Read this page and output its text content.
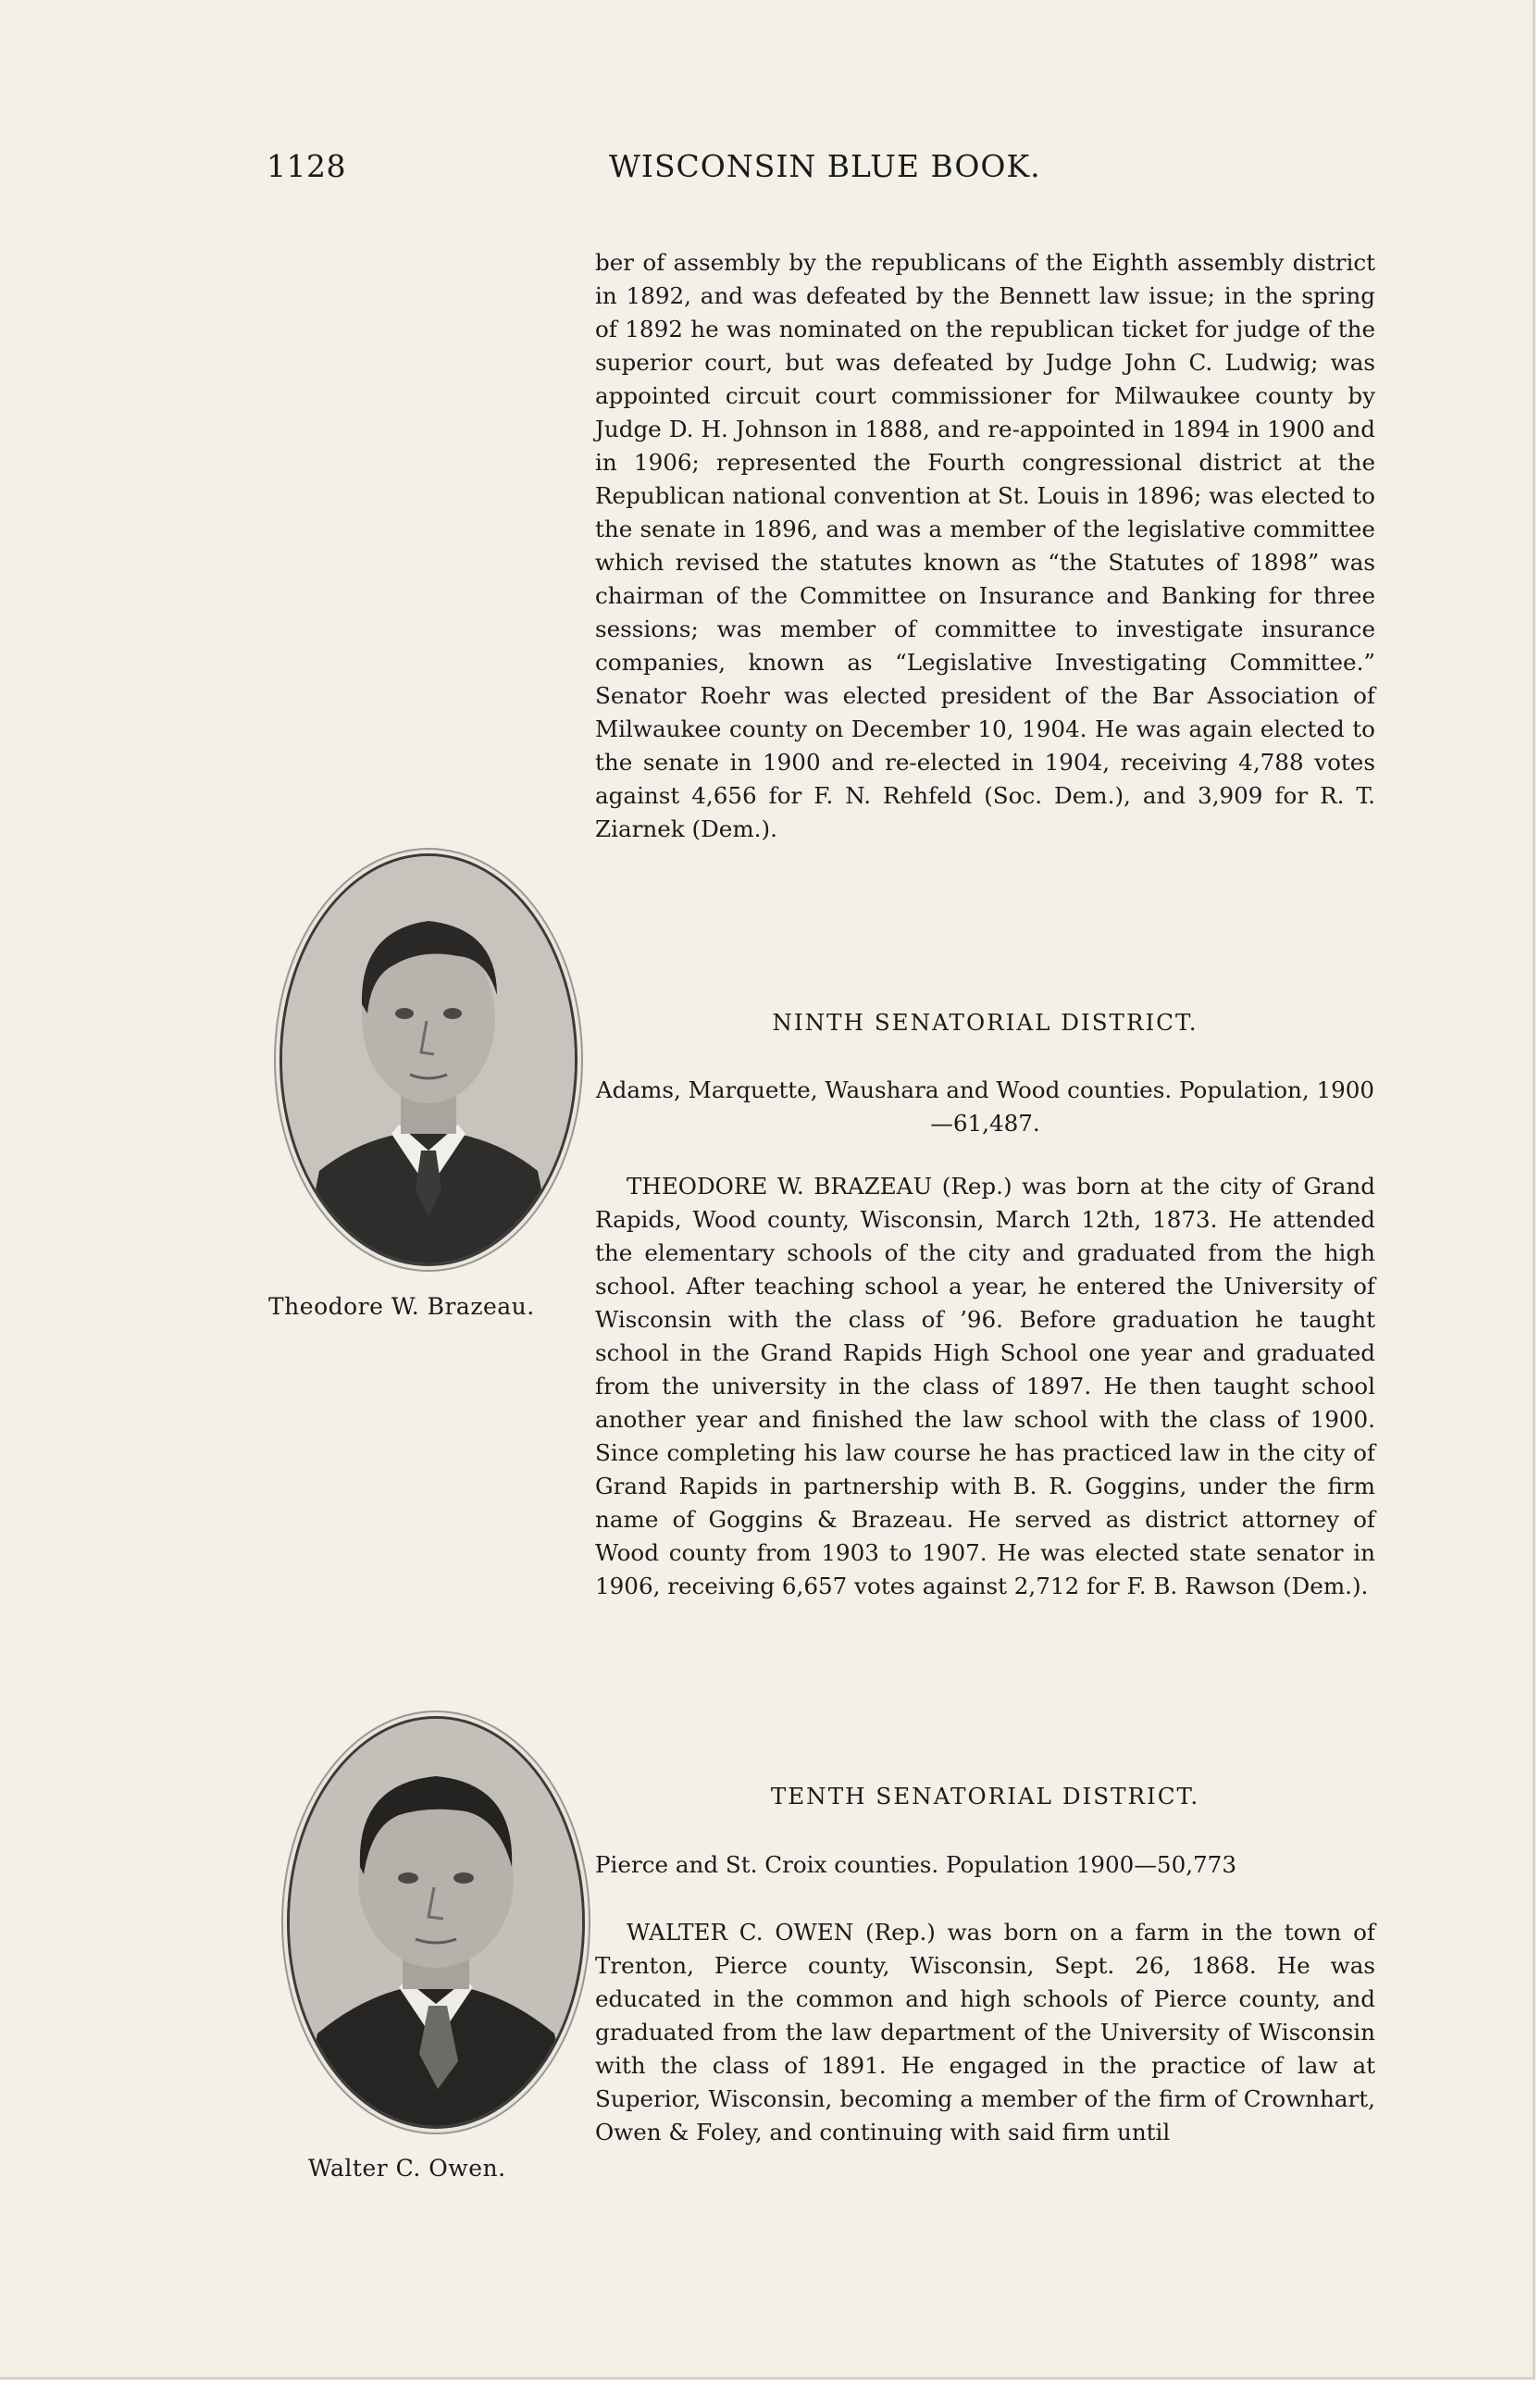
1128	WISCONSIN BLUE BOOK.

ber of assembly by the republicans of the Eighth assembly district in 1892, and was defeated by the Bennett law issue; in the spring of 1892 he was nominated on the republican ticket for judge of the superior court, but was defeated by Judge John C. Ludwig; was appointed circuit court commissioner for Milwaukee county by Judge D. H. Johnson in 1888, and re-appointed in 1894 in 1900 and in 1906; represented the Fourth congressional district at the Republican national convention at St. Louis in 1896; was elected to the senate in 1896, and was a member of the legislative committee which revised the statutes known as “the Statutes of 1898” was chairman of the Committee on Insurance and Banking for three sessions; was member of committee to investigate insurance companies, known as “Legislative Investigating Committee.” Senator Roehr was elected president of the Bar Association of Milwaukee county on December 10, 1904. He was again elected to the senate in 1900 and re-elected in 1904, receiving 4,788 votes against 4,656 for F. N. Rehfeld (Soc. Dem.), and 3,909 for R. T. Ziarnek (Dem.).

Theodore W. Brazeau.
NINTH SENATORIAL DISTRICT.

Adams, Marquette, Waushara and Wood counties. Population, 1900—61,487.

THEODORE W. BRAZEAU (Rep.) was born at the city of Grand Rapids, Wood county, Wisconsin, March 12th, 1873. He attended the elementary schools of the city and graduated from the high school. After teaching school a year, he entered the University of Wisconsin with the class of ’96. Before graduation he taught school in the Grand Rapids High School one year and graduated from the university in the class of 1897. He then taught school another year and finished the law school with the class of 1900. Since completing his law course he has practiced law in the city of Grand Rapids in partnership with B. R. Goggins, under the firm name of Goggins & Brazeau. He served as district attorney of Wood county from 1903 to 1907. He was elected state senator in 1906, receiving 6,657 votes against 2,712 for F. B. Rawson (Dem.).

Walter C. Owen.
TENTH SENATORIAL DISTRICT.

Pierce and St. Croix counties. Population 1900—50,773

WALTER C. OWEN (Rep.) was born on a farm in the town of Trenton, Pierce county, Wisconsin, Sept. 26, 1868. He was educated in the common and high schools of Pierce county, and graduated from the law department of the University of Wisconsin with the class of 1891. He engaged in the practice of law at Superior, Wisconsin, becoming a member of the firm of Crownhart, Owen & Foley, and continuing with said firm until
